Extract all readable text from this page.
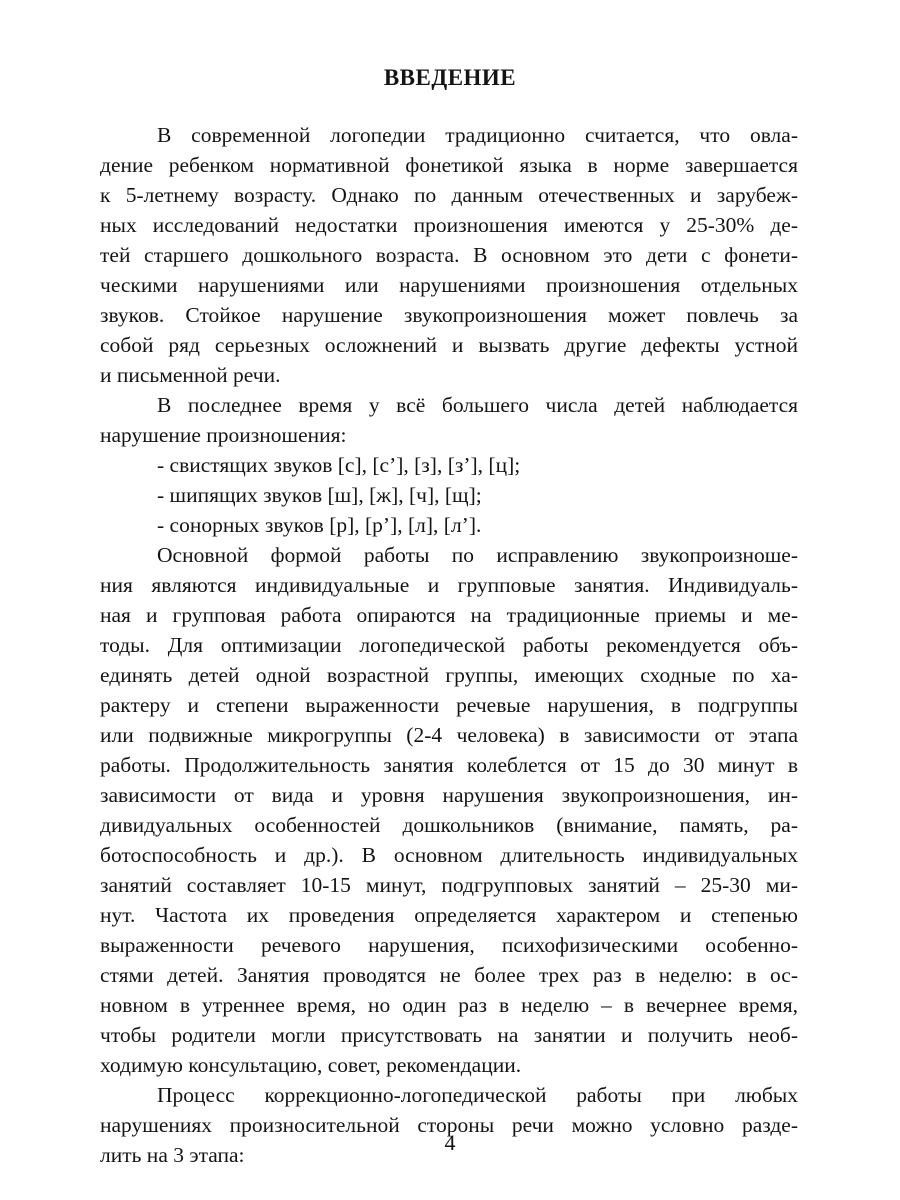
ВВЕДЕНИЕ
В современной логопедии традиционно считается, что овла-
дение ребенком нормативной фонетикой языка в норме завершается
к 5-летнему возрасту. Однако по данным отечественных и зарубеж-
ных исследований недостатки произношения имеются у 25-30% де-
тей старшего дошкольного возраста. В основном это дети с фонети-
ческими нарушениями или нарушениями произношения отдельных
звуков. Стойкое нарушение звукопроизношения может повлечь за
собой ряд серьезных осложнений и вызвать другие дефекты устной
и письменной речи.
В последнее время у всё большего числа детей наблюдается
нарушение произношения:
- свистящих звуков [с], [с’], [з], [з’], [ц];
- шипящих звуков [ш], [ж], [ч], [щ];
- сонорных звуков [р], [р’], [л], [л’].
Основной формой работы по исправлению звукопроизноше-
ния являются индивидуальные и групповые занятия. Индивидуаль-
ная и групповая работа опираются на традиционные приемы и ме-
тоды. Для оптимизации логопедической работы рекомендуется объ-
единять детей одной возрастной группы, имеющих сходные по ха-
рактеру и степени выраженности речевые нарушения, в подгруппы
или подвижные микрогруппы (2-4 человека) в зависимости от этапа
работы. Продолжительность занятия колеблется от 15 до 30 минут в
зависимости от вида и уровня нарушения звукопроизношения, ин-
дивидуальных особенностей дошкольников (внимание, память, ра-
ботоспособность и др.). В основном длительность индивидуальных
занятий составляет 10-15 минут, подгрупповых занятий – 25-30 ми-
нут. Частота их проведения определяется характером и степенью
выраженности речевого нарушения, психофизическими особенно-
стями детей. Занятия проводятся не более трех раз в неделю: в ос-
новном в утреннее время, но один раз в неделю – в вечернее время,
чтобы родители могли присутствовать на занятии и получить необ-
ходимую консультацию, совет, рекомендации.
Процесс коррекционно-логопедической работы при любых
нарушениях произносительной стороны речи можно условно разде-
лить на 3 этапа:	4
